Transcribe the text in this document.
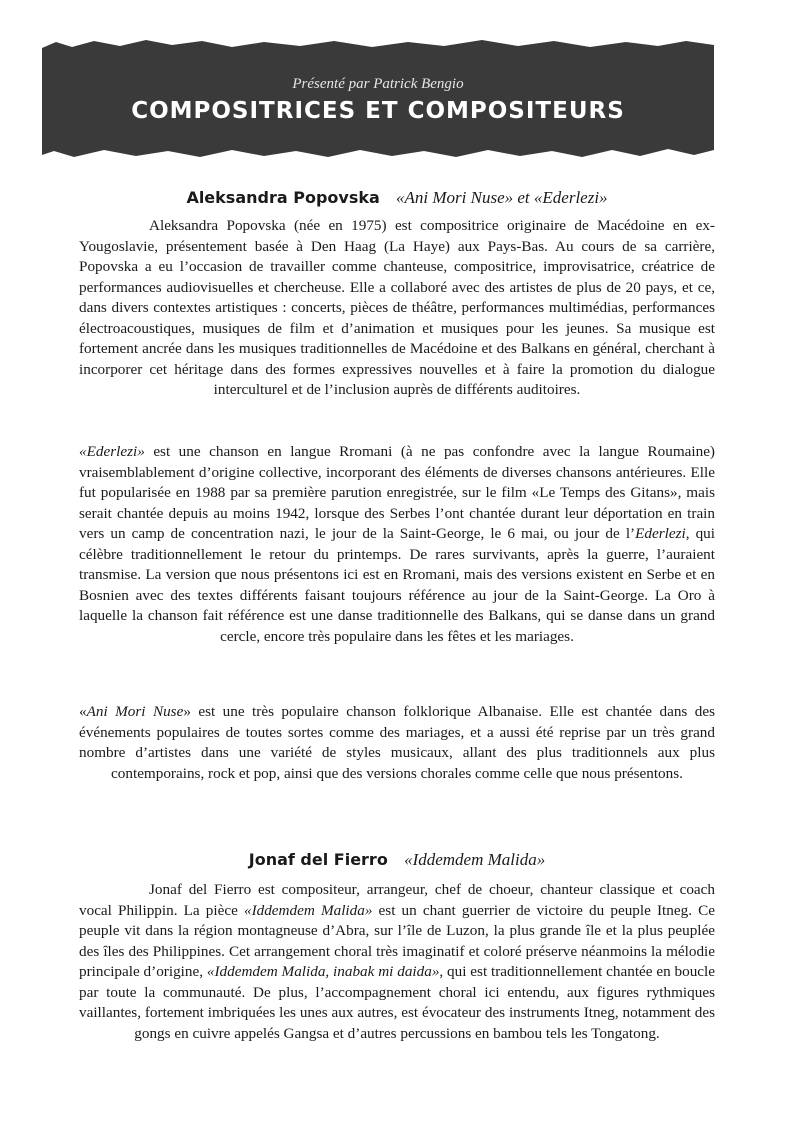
Présenté par Patrick Bengio
COMPOSITRICES ET COMPOSITEURS
Aleksandra Popovska «Ani Mori Nuse» et «Ederlezi»
Aleksandra Popovska (née en 1975) est compositrice originaire de Macédoine en ex-Yougoslavie, présentement basée à Den Haag (La Haye) aux Pays-Bas. Au cours de sa carrière, Popovska a eu l’occasion de travailler comme chanteuse, compositrice, improvisatrice, créatrice de performances audiovisuelles et chercheuse. Elle a collaboré avec des artistes de plus de 20 pays, et ce, dans divers contextes artistiques : concerts, pièces de théâtre, performances multimédias, performances électroacoustiques, musiques de film et d’animation et musiques pour les jeunes. Sa musique est fortement ancrée dans les musiques traditionnelles de Macédoine et des Balkans en général, cherchant à incorporer cet héritage dans des formes expressives nouvelles et à faire la promotion du dialogue interculturel et de l’inclusion auprès de différents auditoires.
«Ederlezi» est une chanson en langue Rromani (à ne pas confondre avec la langue Roumaine) vraisemblablement d’origine collective, incorporant des éléments de diverses chansons antérieures. Elle fut popularisée en 1988 par sa première parution enregistrée, sur le film «Le Temps des Gitans», mais serait chantée depuis au moins 1942, lorsque des Serbes l’ont chantée durant leur déportation en train vers un camp de concentration nazi, le jour de la Saint-George, le 6 mai, ou jour de l’Ederlezi, qui célèbre traditionnellement le retour du printemps. De rares survivants, après la guerre, l’auraient transmise. La version que nous présentons ici est en Rromani, mais des versions existent en Serbe et en Bosnien avec des textes différents faisant toujours référence au jour de la Saint-George. La Oro à laquelle la chanson fait référence est une danse traditionnelle des Balkans, qui se danse dans un grand cercle, encore très populaire dans les fêtes et les mariages.
«Ani Mori Nuse» est une très populaire chanson folklorique Albanaise. Elle est chantée dans des événements populaires de toutes sortes comme des mariages, et a aussi été reprise par un très grand nombre d’artistes dans une variété de styles musicaux, allant des plus traditionnels aux plus contemporains, rock et pop, ainsi que des versions chorales comme celle que nous présentons.
Jonaf del Fierro «Iddemdem Malida»
Jonaf del Fierro est compositeur, arrangeur, chef de choeur, chanteur classique et coach vocal Philippin. La pièce «Iddemdem Malida» est un chant guerrier de victoire du peuple Itneg. Ce peuple vit dans la région montagneuse d’Abra, sur l’île de Luzon, la plus grande île et la plus peuplée des îles des Philippines. Cet arrangement choral très imaginatif et coloré préserve néanmoins la mélodie principale d’origine, «Iddemdem Malida, inabak mi daida», qui est traditionnellement chantée en boucle par toute la communauté. De plus, l’accompagnement choral ici entendu, aux figures rythmiques vaillantes, fortement imbriquées les unes aux autres, est évocateur des instruments Itneg, notamment des gongs en cuivre appelés Gangsa et d’autres percussions en bambou tels les Tongatong.
